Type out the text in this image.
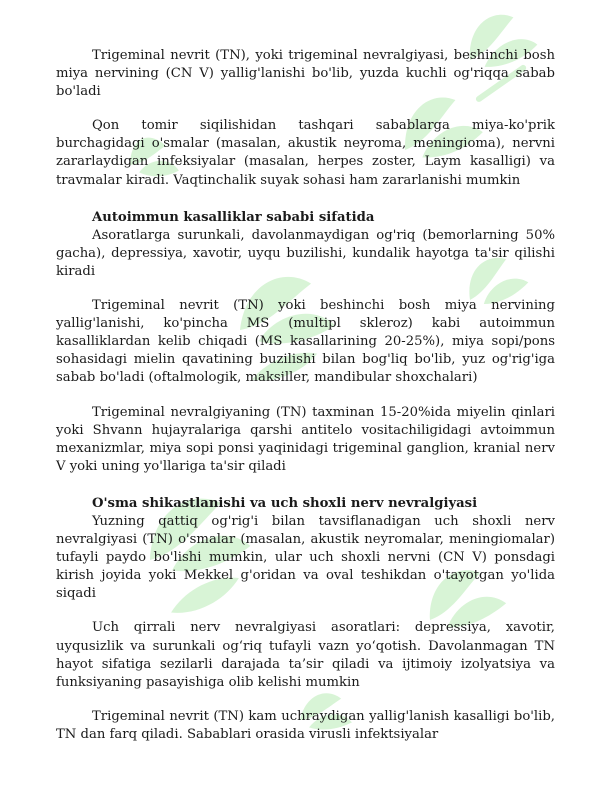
Trigeminal nevrit (TN), yoki trigeminal nevralgiyasi, beshinchi bosh miya nervining (CN V) yallig'lanishi bo'lib, yuzda kuchli og'riqqa sabab bo'ladi

Qon tomir siqilishidan tashqari sabablarga miya-ko'prik burchagidagi o'smalar (masalan, akustik neyroma, meningioma), nervni zararlaydigan infeksiyalar (masalan, herpes zoster, Laym kasalligi) va travmalar kiradi. Vaqtinchalik suyak sohasi ham zararlanishi mumkin

Autoimmun kasalliklar sababi sifatida

Asoratlarga surunkali, davolanmaydigan og'riq (bemorlarning 50% gacha), depressiya, xavotir, uyqu buzilishi, kundalik hayotga ta'sir qilishi kiradi

Trigeminal nevrit (TN) yoki beshinchi bosh miya nervining yallig'lanishi, ko'pincha MS (multipl skleroz) kabi autoimmun kasalliklardan kelib chiqadi (MS kasallarining 20-25%), miya sopi/pons sohasidagi mielin qavatining buzilishi bilan bog'liq bo'lib, yuz og'rig'iga sabab bo'ladi (oftalmologik, maksiller, mandibular shoxchalari)

Trigeminal nevralgiyaning (TN) taxminan 15-20%ida miyelin qinlari yoki Shvann hujayralariga qarshi antitelo vositachiligidagi avtoimmun mexanizmlar, miya sopi ponsi yaqinidagi trigeminal ganglion, kranial nerv V yoki uning yo'llariga ta'sir qiladi

O'sma shikastlanishi va uch shoxli nerv nevralgiyasi

Yuzning qattiq og'rig'i bilan tavsiflanadigan uch shoxli nerv nevralgiyasi (TN) o'smalar (masalan, akustik neyromalar, meningiomalar) tufayli paydo bo'lishi mumkin, ular uch shoxli nervni (CN V) ponsdagi kirish joyida yoki Mekkel g'oridan va oval teshikdan o'tayotgan yo'lida siqadi

Uch qirrali nerv nevralgiyasi asoratlari: depressiya, xavotir, uyqusizlik va surunkali og‘riq tufayli vazn yo‘qotish. Davolanmagan TN hayot sifatiga sezilarli darajada ta’sir qiladi va ijtimoiy izolyatsiya va funksiyaning pasayishiga olib kelishi mumkin

Trigeminal nevrit (TN) kam uchraydigan yallig'lanish kasalligi bo'lib, TN dan farq qiladi. Sabablari orasida virusli infektsiyalar
